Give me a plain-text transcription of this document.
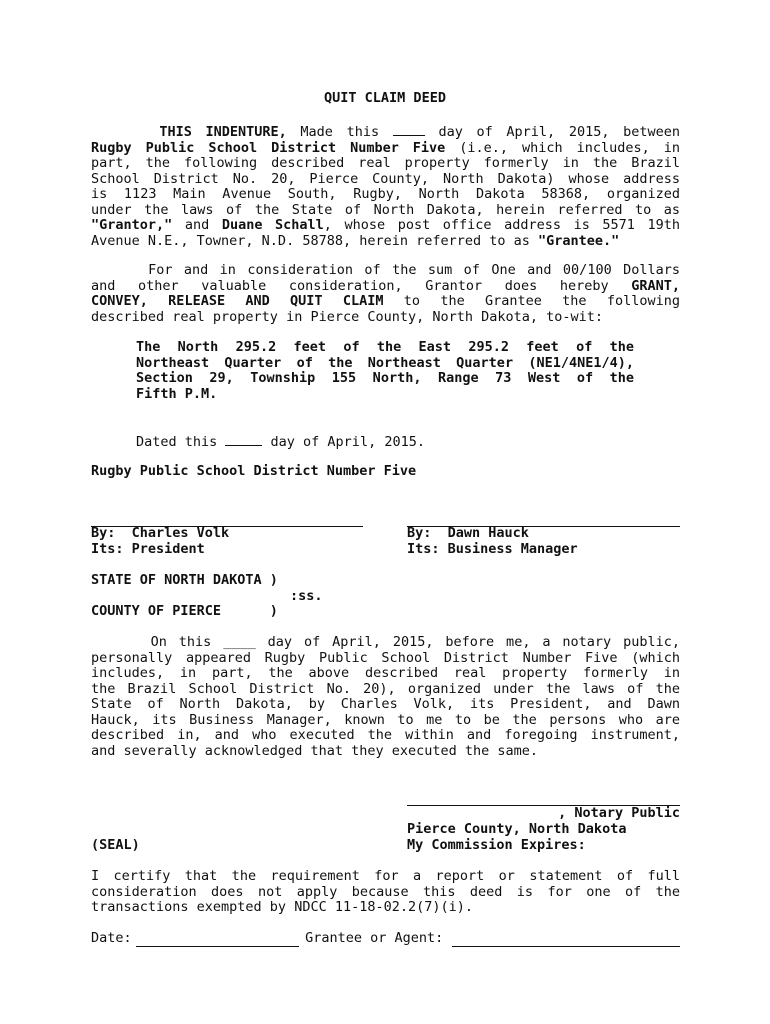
QUIT CLAIM DEED
THIS INDENTURE, Made this  day of April, 2015, between
Rugby Public School District Number Five (i.e., which includes, in
part, the following described real property formerly in the Brazil
School District No. 20, Pierce County, North Dakota) whose address
is 1123 Main Avenue South, Rugby, North Dakota 58368, organized
under the laws of the State of North Dakota, herein referred to as
"Grantor," and Duane Schall, whose post office address is 5571 19th
Avenue N.E., Towner, N.D. 58788, herein referred to as "Grantee."
For and in consideration of the sum of One and 00/100 Dollars
and other valuable consideration, Grantor does hereby GRANT,
CONVEY, RELEASE AND QUIT CLAIM to the Grantee the following
described real property in Pierce County, North Dakota, to-wit:
The North 295.2 feet of the East 295.2 feet of the
Northeast Quarter of the Northeast Quarter (NE1/4NE1/4),
Section 29, Township 155 North, Range 73 West of the
Fifth P.M.
Dated this	day of April, 2015.
Rugby Public School District Number Five
By:  Charles Volk
Its: President
By:  Dawn Hauck
Its: Business Manager
STATE OF NORTH DAKOTA )
:ss.
COUNTY OF PIERCE      )
On this ____ day of April, 2015, before me, a notary public,
personally appeared Rugby Public School District Number Five (which
includes, in part, the above described real property formerly in
the Brazil School District No. 20), organized under the laws of the
State of North Dakota, by Charles Volk, its President, and Dawn
Hauck, its Business Manager, known to me to be the persons who are
described in, and who executed the within and foregoing instrument,
and severally acknowledged that they executed the same.
, Notary Public
Pierce County, North Dakota
My Commission Expires:
(SEAL)
I certify that the requirement for a report or statement of full
consideration does not apply because this deed is for one of the
transactions exempted by NDCC 11-18-02.2(7)(i).
Date:	Grantee or Agent:
